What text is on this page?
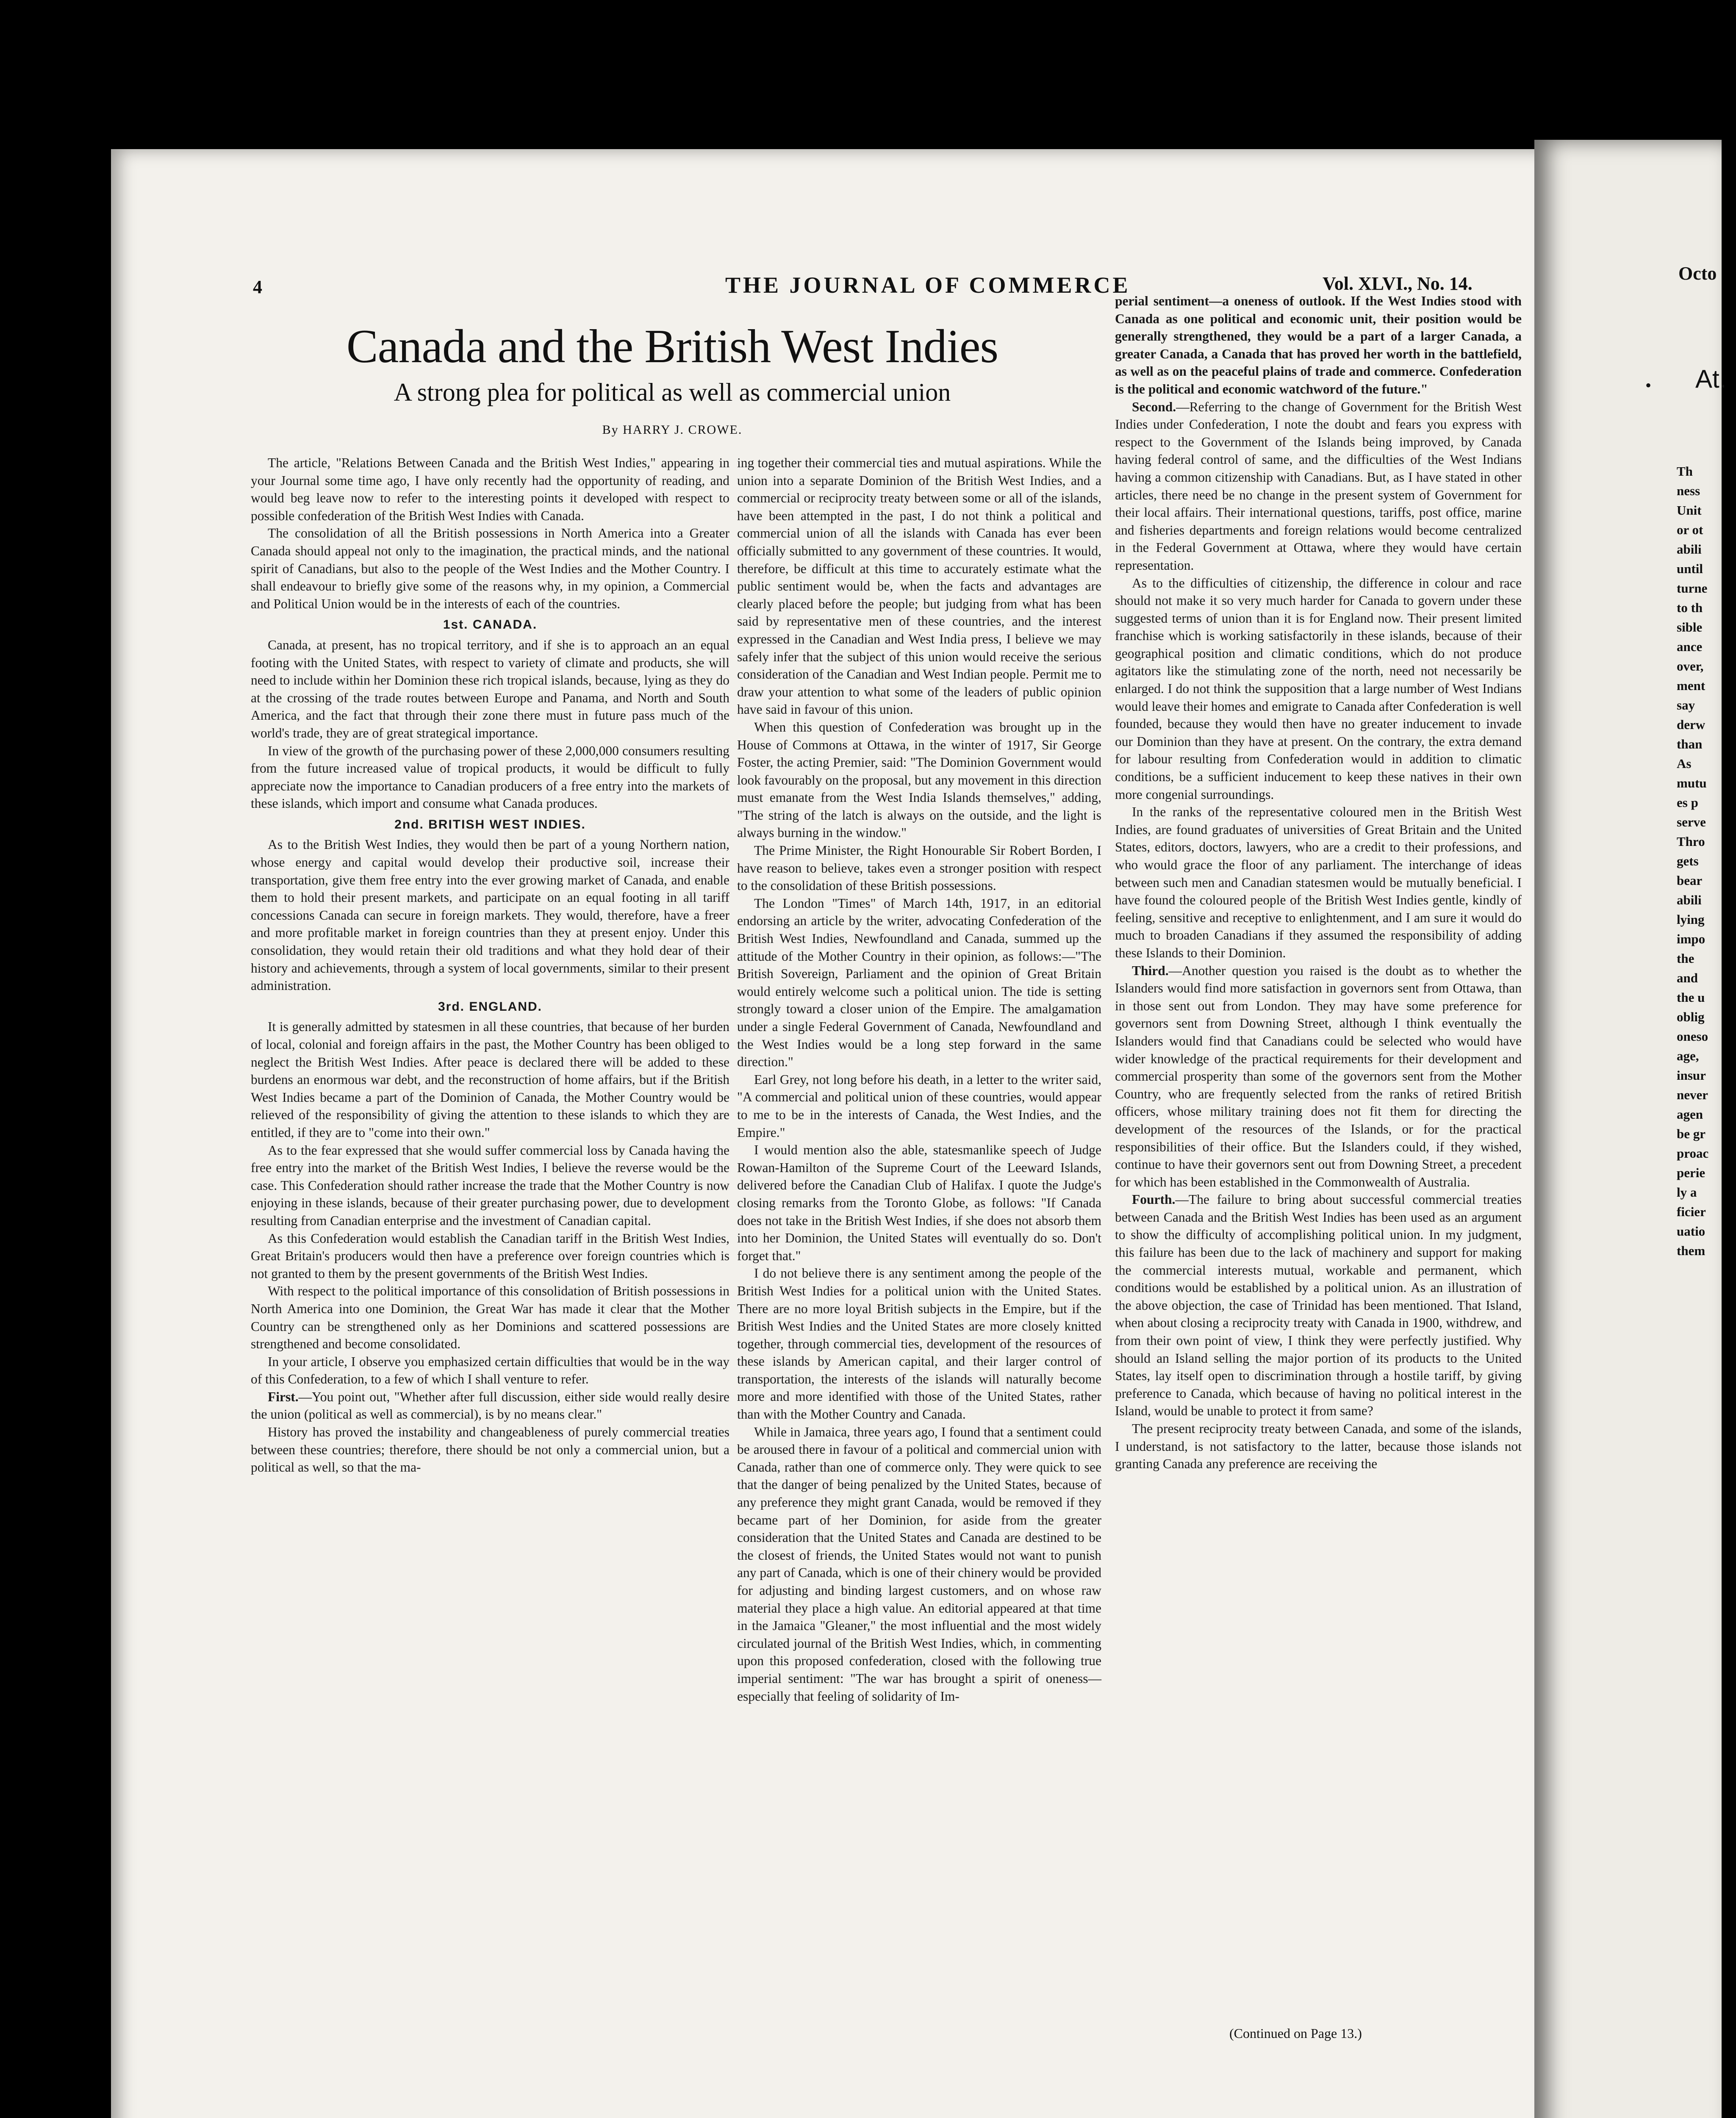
4	THE JOURNAL OF COMMERCE	Vol. XLVI., No. 14.
Canada and the British West Indies
A strong plea for political as well as commercial union
By HARRY J. CROWE.

The article, "Relations Between Canada and the British West Indies," appearing in your Journal some time ago, I have only recently had the opportunity of reading, and would beg leave now to refer to the interesting points it developed with respect to possible confederation of the British West Indies with Canada.

The consolidation of all the British possessions in North America into a Greater Canada should appeal not only to the imagination, the practical minds, and the national spirit of Canadians, but also to the people of the West Indies and the Mother Country. I shall endeavour to briefly give some of the reasons why, in my opinion, a Commercial and Political Union would be in the interests of each of the countries.

1st. CANADA.

Canada, at present, has no tropical territory, and if she is to approach an an equal footing with the United States, with respect to variety of climate and products, she will need to include within her Dominion these rich tropical islands, because, lying as they do at the crossing of the trade routes between Europe and Panama, and North and South America, and the fact that through their zone there must in future pass much of the world's trade, they are of great strategical importance.

In view of the growth of the purchasing power of these 2,000,000 consumers resulting from the future increased value of tropical products, it would be difficult to fully appreciate now the importance to Canadian producers of a free entry into the markets of these islands, which import and consume what Canada produces.

2nd. BRITISH WEST INDIES.

As to the British West Indies, they would then be part of a young Northern nation, whose energy and capital would develop their productive soil, increase their transportation, give them free entry into the ever growing market of Canada, and enable them to hold their present markets, and participate on an equal footing in all tariff concessions Canada can secure in foreign markets. They would, therefore, have a freer and more profitable market in foreign countries than they at present enjoy. Under this consolidation, they would retain their old traditions and what they hold dear of their history and achievements, through a system of local governments, similar to their present administration.

3rd. ENGLAND.

It is generally admitted by statesmen in all these countries, that because of her burden of local, colonial and foreign affairs in the past, the Mother Country has been obliged to neglect the British West Indies. After peace is declared there will be added to these burdens an enormous war debt, and the reconstruction of home affairs, but if the British West Indies became a part of the Dominion of Canada, the Mother Country would be relieved of the responsibility of giving the attention to these islands to which they are entitled, if they are to "come into their own."

As to the fear expressed that she would suffer commercial loss by Canada having the free entry into the market of the British West Indies, I believe the reverse would be the case. This Confederation should rather increase the trade that the Mother Country is now enjoying in these islands, because of their greater purchasing power, due to development resulting from Canadian enterprise and the investment of Canadian capital.

As this Confederation would establish the Canadian tariff in the British West Indies, Great Britain's producers would then have a preference over foreign countries which is not granted to them by the present governments of the British West Indies.

With respect to the political importance of this consolidation of British possessions in North America into one Dominion, the Great War has made it clear that the Mother Country can be strengthened only as her Dominions and scattered possessions are strengthened and become consolidated.

In your article, I observe you emphasized certain difficulties that would be in the way of this Confederation, to a few of which I shall venture to refer.

First.—You point out, "Whether after full discussion, either side would really desire the union (political as well as commercial), is by no means clear."

History has proved the instability and changeableness of purely commercial treaties between these countries; therefore, there should be not only a commercial union, but a political as well, so that the ma-

ing together their commercial ties and mutual aspirations. While the union into a separate Dominion of the British West Indies, and a commercial or reciprocity treaty between some or all of the islands, have been attempted in the past, I do not think a political and commercial union of all the islands with Canada has ever been officially submitted to any government of these countries. It would, therefore, be difficult at this time to accurately estimate what the public sentiment would be, when the facts and advantages are clearly placed before the people; but judging from what has been said by representative men of these countries, and the interest expressed in the Canadian and West India press, I believe we may safely infer that the subject of this union would receive the serious consideration of the Canadian and West Indian people. Permit me to draw your attention to what some of the leaders of public opinion have said in favour of this union.

When this question of Confederation was brought up in the House of Commons at Ottawa, in the winter of 1917, Sir George Foster, the acting Premier, said: "The Dominion Government would look favourably on the proposal, but any movement in this direction must emanate from the West India Islands themselves," adding, "The string of the latch is always on the outside, and the light is always burning in the window."

The Prime Minister, the Right Honourable Sir Robert Borden, I have reason to believe, takes even a stronger position with respect to the consolidation of these British possessions.

The London "Times" of March 14th, 1917, in an editorial endorsing an article by the writer, advocating Confederation of the British West Indies, Newfoundland and Canada, summed up the attitude of the Mother Country in their opinion, as follows:—"The British Sovereign, Parliament and the opinion of Great Britain would entirely welcome such a political union. The tide is setting strongly toward a closer union of the Empire. The amalgamation under a single Federal Government of Canada, Newfoundland and the West Indies would be a long step forward in the same direction."

Earl Grey, not long before his death, in a letter to the writer said, "A commercial and political union of these countries, would appear to me to be in the interests of Canada, the West Indies, and the Empire."

I would mention also the able, statesmanlike speech of Judge Rowan-Hamilton of the Supreme Court of the Leeward Islands, delivered before the Canadian Club of Halifax. I quote the Judge's closing remarks from the Toronto Globe, as follows: "If Canada does not take in the British West Indies, if she does not absorb them into her Dominion, the United States will eventually do so. Don't forget that."

I do not believe there is any sentiment among the people of the British West Indies for a political union with the United States. There are no more loyal British subjects in the Empire, but if the British West Indies and the United States are more closely knitted together, through commercial ties, development of the resources of these islands by American capital, and their larger control of transportation, the interests of the islands will naturally become more and more identified with those of the United States, rather than with the Mother Country and Canada.

While in Jamaica, three years ago, I found that a sentiment could be aroused there in favour of a political and commercial union with Canada, rather than one of commerce only. They were quick to see that the danger of being penalized by the United States, because of any preference they might grant Canada, would be removed if they became part of her Dominion, for aside from the greater consideration that the United States and Canada are destined to be the closest of friends, the United States would not want to punish any part of Canada, which is one of their chinery would be provided for adjusting and binding largest customers, and on whose raw material they place a high value. An editorial appeared at that time in the Jamaica "Gleaner," the most influential and the most widely circulated journal of the British West Indies, which, in commenting upon this proposed confederation, closed with the following true imperial sentiment: "The war has brought a spirit of oneness—especially that feeling of solidarity of Im-

perial sentiment—a oneness of outlook. If the West Indies stood with Canada as one political and economic unit, their position would be generally strengthened, they would be a part of a larger Canada, a greater Canada, a Canada that has proved her worth in the battlefield, as well as on the peaceful plains of trade and commerce. Confederation is the political and economic watchword of the future."

Second.—Referring to the change of Government for the British West Indies under Confederation, I note the doubt and fears you express with respect to the Government of the Islands being improved, by Canada having federal control of same, and the difficulties of the West Indians having a common citizenship with Canadians. But, as I have stated in other articles, there need be no change in the present system of Government for their local affairs. Their international questions, tariffs, post office, marine and fisheries departments and foreign relations would become centralized in the Federal Government at Ottawa, where they would have certain representation.

As to the difficulties of citizenship, the difference in colour and race should not make it so very much harder for Canada to govern under these suggested terms of union than it is for England now. Their present limited franchise which is working satisfactorily in these islands, because of their geographical position and climatic conditions, which do not produce agitators like the stimulating zone of the north, need not necessarily be enlarged. I do not think the supposition that a large number of West Indians would leave their homes and emigrate to Canada after Confederation is well founded, because they would then have no greater inducement to invade our Dominion than they have at present. On the contrary, the extra demand for labour resulting from Confederation would in addition to climatic conditions, be a sufficient inducement to keep these natives in their own more congenial surroundings.

In the ranks of the representative coloured men in the British West Indies, are found graduates of universities of Great Britain and the United States, editors, doctors, lawyers, who are a credit to their professions, and who would grace the floor of any parliament. The interchange of ideas between such men and Canadian statesmen would be mutually beneficial. I have found the coloured people of the British West Indies gentle, kindly of feeling, sensitive and receptive to enlightenment, and I am sure it would do much to broaden Canadians if they assumed the responsibility of adding these Islands to their Dominion.

Third.—Another question you raised is the doubt as to whether the Islanders would find more satisfaction in governors sent from Ottawa, than in those sent out from London. They may have some preference for governors sent from Downing Street, although I think eventually the Islanders would find that Canadians could be selected who would have wider knowledge of the practical requirements for their development and commercial prosperity than some of the governors sent from the Mother Country, who are frequently selected from the ranks of retired British officers, whose military training does not fit them for directing the development of the resources of the Islands, or for the practical responsibilities of their office. But the Islanders could, if they wished, continue to have their governors sent out from Downing Street, a precedent for which has been established in the Commonwealth of Australia.

Fourth.—The failure to bring about successful commercial treaties between Canada and the British West Indies has been used as an argument to show the difficulty of accomplishing political union. In my judgment, this failure has been due to the lack of machinery and support for making the commercial interests mutual, workable and permanent, which conditions would be established by a political union. As an illustration of the above objection, the case of Trinidad has been mentioned. That Island, when about closing a reciprocity treaty with Canada in 1900, withdrew, and from their own point of view, I think they were perfectly justified. Why should an Island selling the major portion of its products to the United States, lay itself open to discrimination through a hostile tariff, by giving preference to Canada, which because of having no political interest in the Island, would be unable to protect it from same?

The present reciprocity treaty between Canada, and some of the islands, I understand, is not satisfactory to the latter, because those islands not granting Canada any preference are receiving the

(Continued on Page 13.)
Octo
• At.
Th
ness
Unit
or ot
abili
until
turne
to th
sible
ance
over,
ment
say
derw
than
As
mutu
es p
serve
Thro
gets
bear
abili
lying
impo
the
and
the u
oblig
oneso
age,
insur
never
agen
be gr
proac
perie
ly a
ficier
uatio
them
